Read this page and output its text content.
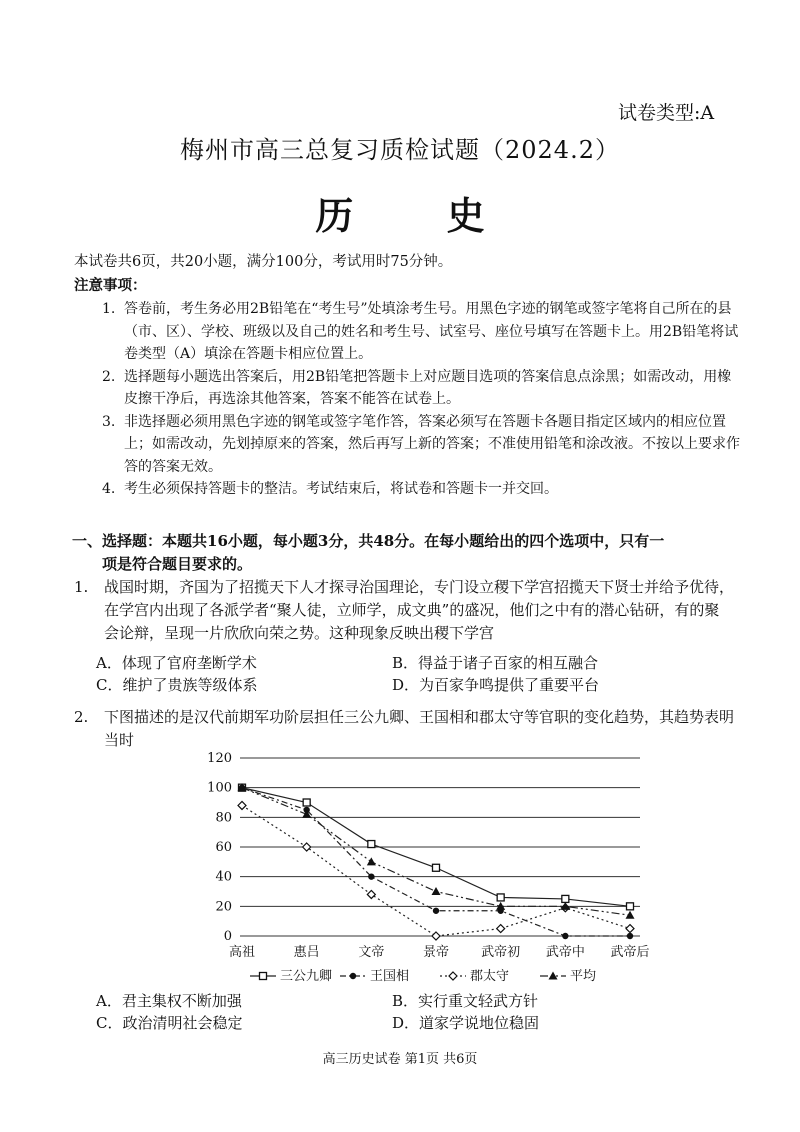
试卷类型:A
梅州市高三总复习质检试题（2024.2）
历 史
本试卷共6页，共20小题，满分100分，考试用时75分钟。
注意事项：
1. 答卷前，考生务必用2B铅笔在“考生号”处填涂考生号。用黑色字迹的钢笔或签字笔将自己所在的县（市、区）、学校、班级以及自己的姓名和考生号、试室号、座位号填写在答题卡上。用2B铅笔将试卷类型（A）填涂在答题卡相应位置上。
2. 选择题每小题选出答案后，用2B铅笔把答题卡上对应题目选项的答案信息点涂黑；如需改动，用橡皮擦干净后，再选涂其他答案，答案不能答在试卷上。
3. 非选择题必须用黑色字迹的钢笔或签字笔作答，答案必须写在答题卡各题目指定区域内的相应位置上；如需改动，先划掉原来的答案，然后再写上新的答案；不准使用铅笔和涂改液。不按以上要求作答的答案无效。
4. 考生必须保持答题卡的整洁。考试结束后，将试卷和答题卡一并交回。
一、选择题：本题共16小题，每小题3分，共48分。在每小题给出的四个选项中，只有一
项是符合题目要求的。
1.	战国时期，齐国为了招揽天下人才探寻治国理论，专门设立稷下学宫招揽天下贤士并给予优待，在学宫内出现了各派学者“聚人徒，立师学，成文典”的盛况，他们之中有的潜心钻研，有的聚会论辩，呈现一片欣欣向荣之势。这种现象反映出稷下学宫
A．体现了官府垄断学术	B．得益于诸子百家的相互融合
C．维护了贵族等级体系	D．为百家争鸣提供了重要平台
2.	下图描述的是汉代前期军功阶层担任三公九卿、王国相和郡太守等官职的变化趋势，其趋势表明当时
0
20
40
60
80
100
120
高祖	惠吕	文帝	景帝 武帝初 武帝中 武帝后
三公九卿	王国相	郡太守	平均
A．君主集权不断加强	B．实行重文轻武方针
C．政治清明社会稳定	D．道家学说地位稳固
高三历史试卷 第1页 共6页
